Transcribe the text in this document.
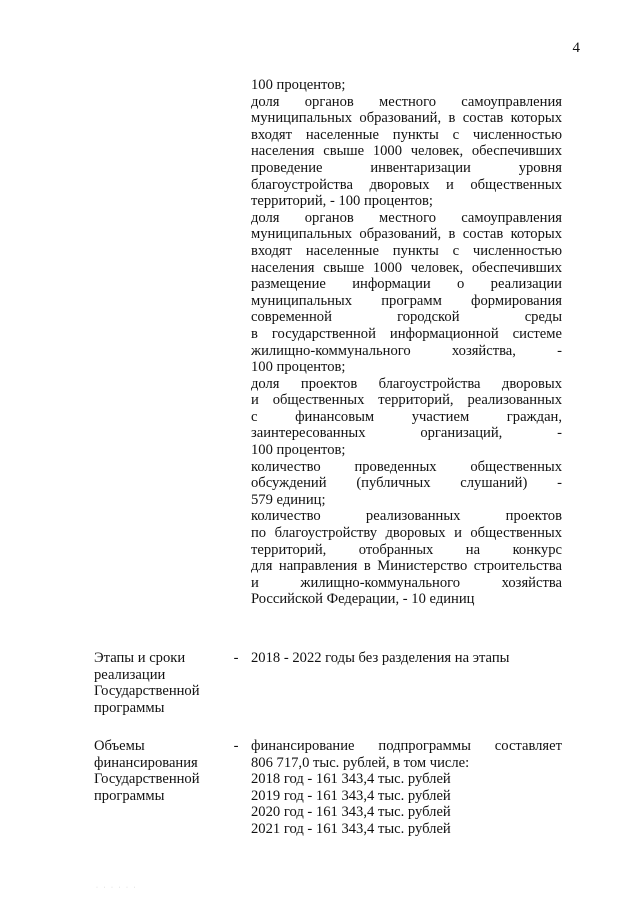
4
100 процентов;
доля органов местного самоуправления
муниципальных образований, в состав которых
входят населенные пункты с численностью
населения свыше 1000 человек, обеспечивших
проведение инвентаризации уровня
благоустройства дворовых и общественных
территорий, - 100 процентов;
доля органов местного самоуправления
муниципальных образований, в состав которых
входят населенные пункты с численностью
населения свыше 1000 человек, обеспечивших
размещение информации о реализации
муниципальных программ формирования
современной городской среды
в государственной информационной системе
жилищно-коммунального хозяйства, -
100 процентов;
доля проектов благоустройства дворовых
и общественных территорий, реализованных
с финансовым участием граждан,
заинтересованных организаций, -
100 процентов;
количество проведенных общественных
обсуждений (публичных слушаний) -
579 единиц;
количество реализованных проектов
по благоустройству дворовых и общественных
территорий, отобранных на конкурс
для направления в Министерство строительства
и жилищно-коммунального хозяйства
Российской Федерации, - 10 единиц
Этапы и сроки
реализации
Государственной
программы
- 2018 - 2022 годы без разделения на этапы
Объемы
финансирования
Государственной
программы
- финансирование подпрограммы составляет
806 717,0 тыс. рублей, в том числе:
2018 год - 161 343,4 тыс. рублей
2019 год - 161 343,4 тыс. рублей
2020 год - 161 343,4 тыс. рублей
2021 год - 161 343,4 тыс. рублей
· · · · · ·
